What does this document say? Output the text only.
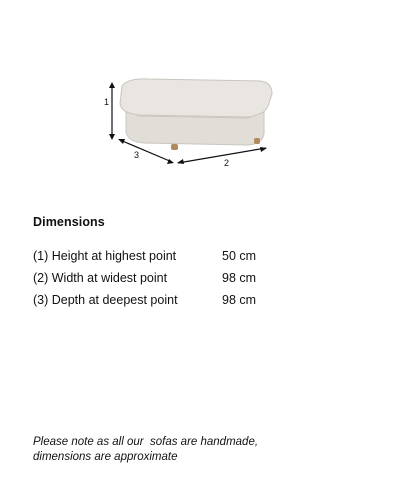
1
3
2
Dimensions
(1) Height at highest point	50 cm
(2) Width at widest point	98 cm
(3) Depth at deepest point	98 cm
Please note as all our  sofas are handmade,
dimensions are approximate
